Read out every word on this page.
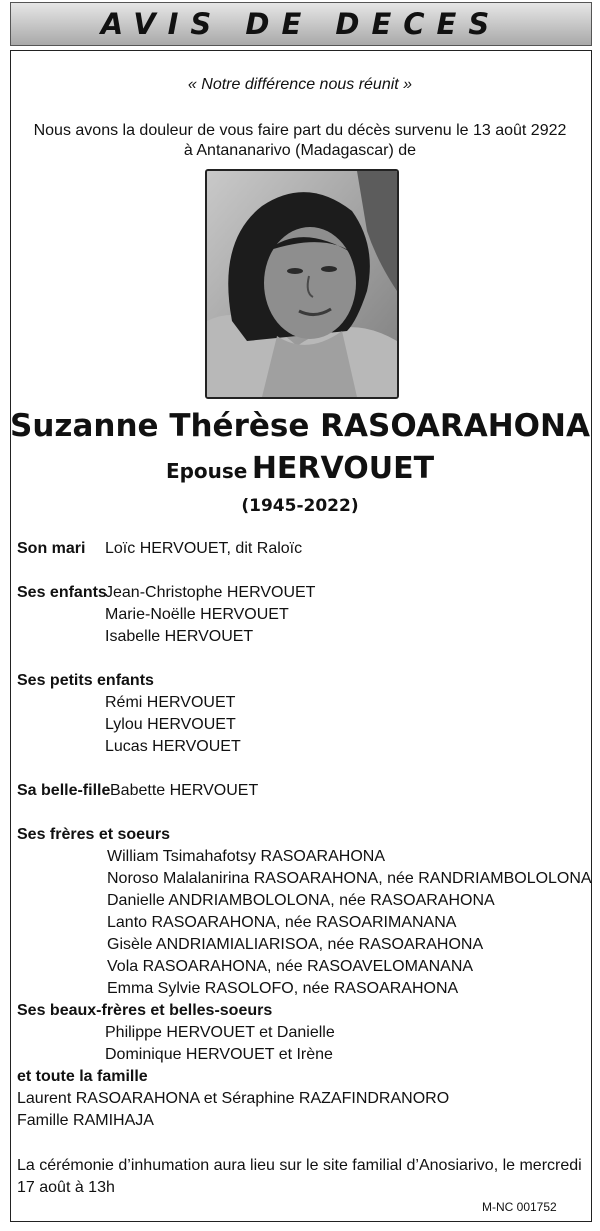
AVIS DE DECES
« Notre différence nous réunit »
Nous avons la douleur de vous faire part du décès survenu le 13 août 2922
à Antananarivo (Madagascar) de
Suzanne Thérèse RASOARAHONA
Epouse HERVOUET
(1945-2022)
Son mari Loïc HERVOUET, dit Raloïc
Ses enfants
Jean-Christophe HERVOUET
Marie-Noëlle HERVOUET
Isabelle HERVOUET
Ses petits enfants
Rémi HERVOUET
Lylou HERVOUET
Lucas HERVOUET
Sa belle-fille Babette HERVOUET
Ses frères et soeurs
William Tsimahafotsy RASOARAHONA
Noroso Malalanirina RASOARAHONA, née RANDRIAMBOLOLONA
Danielle ANDRIAMBOLOLONA, née RASOARAHONA
Lanto RASOARAHONA, née RASOARIMANANA
Gisèle ANDRIAMIALIARISOA, née RASOARAHONA
Vola RASOARAHONA, née RASOAVELOMANANA
Emma Sylvie RASOLOFO, née RASOARAHONA
Ses beaux-frères et belles-soeurs
Philippe HERVOUET et Danielle
Dominique HERVOUET et Irène
et toute la famille
Laurent RASOARAHONA et Séraphine RAZAFINDRANORO
Famille RAMIHAJA
La cérémonie d’inhumation aura lieu sur le site familial d’Anosiarivo, le mercredi
17 août à 13h
M-NC 001752
